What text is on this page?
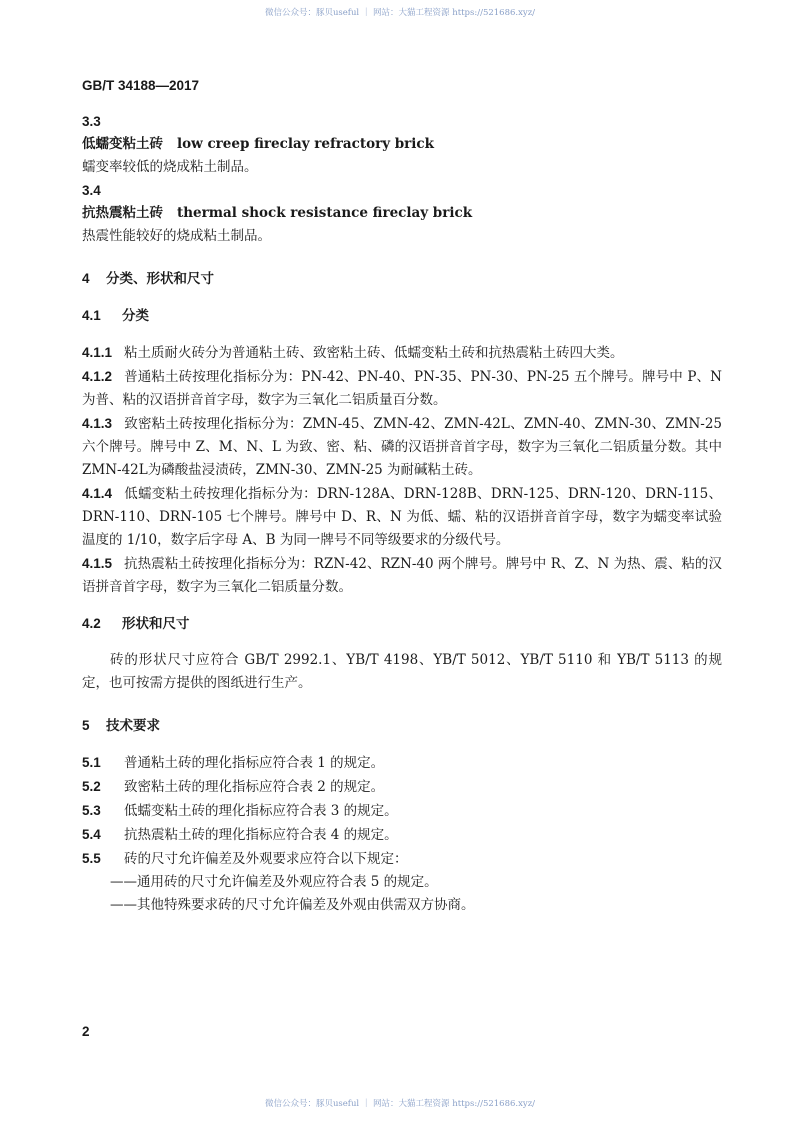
微信公众号：豚贝useful ｜ 网站：大猫工程资源 https://521686.xyz/

GB/T 34188—2017

3.3

低蠕变粘土砖 low creep fireclay refractory brick

蠕变率较低的烧成粘土制品。

3.4

抗热震粘土砖 thermal shock resistance fireclay brick

热震性能较好的烧成粘土制品。

4 分类、形状和尺寸

4.1 分类

4.1.1 粘土质耐火砖分为普通粘土砖、致密粘土砖、低蠕变粘土砖和抗热震粘土砖四大类。

4.1.2 普通粘土砖按理化指标分为：PN-42、PN-40、PN-35、PN-30、PN-25 五个牌号。牌号中 P、N 为普、粘的汉语拼音首字母，数字为三氧化二铝质量百分数。

4.1.3 致密粘土砖按理化指标分为：ZMN-45、ZMN-42、ZMN-42L、ZMN-40、ZMN-30、ZMN-25 六个牌号。牌号中 Z、M、N、L 为致、密、粘、磷的汉语拼音首字母，数字为三氧化二铝质量分数。其中 ZMN-42L为磷酸盐浸渍砖，ZMN-30、ZMN-25 为耐碱粘土砖。

4.1.4 低蠕变粘土砖按理化指标分为：DRN-128A、DRN-128B、DRN-125、DRN-120、DRN-115、DRN-110、DRN-105 七个牌号。牌号中 D、R、N 为低、蠕、粘的汉语拼音首字母，数字为蠕变率试验温度的 1/10，数字后字母 A、B 为同一牌号不同等级要求的分级代号。

4.1.5 抗热震粘土砖按理化指标分为：RZN-42、RZN-40 两个牌号。牌号中 R、Z、N 为热、震、粘的汉语拼音首字母，数字为三氧化二铝质量分数。

4.2 形状和尺寸

砖的形状尺寸应符合 GB/T 2992.1、YB/T 4198、YB/T 5012、YB/T 5110 和 YB/T 5113 的规定，也可按需方提供的图纸进行生产。

5 技术要求

5.1 普通粘土砖的理化指标应符合表 1 的规定。

5.2 致密粘土砖的理化指标应符合表 2 的规定。

5.3 低蠕变粘土砖的理化指标应符合表 3 的规定。

5.4 抗热震粘土砖的理化指标应符合表 4 的规定。

5.5 砖的尺寸允许偏差及外观要求应符合以下规定：

——通用砖的尺寸允许偏差及外观应符合表 5 的规定。

——其他特殊要求砖的尺寸允许偏差及外观由供需双方协商。

2
微信公众号：豚贝useful ｜ 网站：大猫工程资源 https://521686.xyz/
